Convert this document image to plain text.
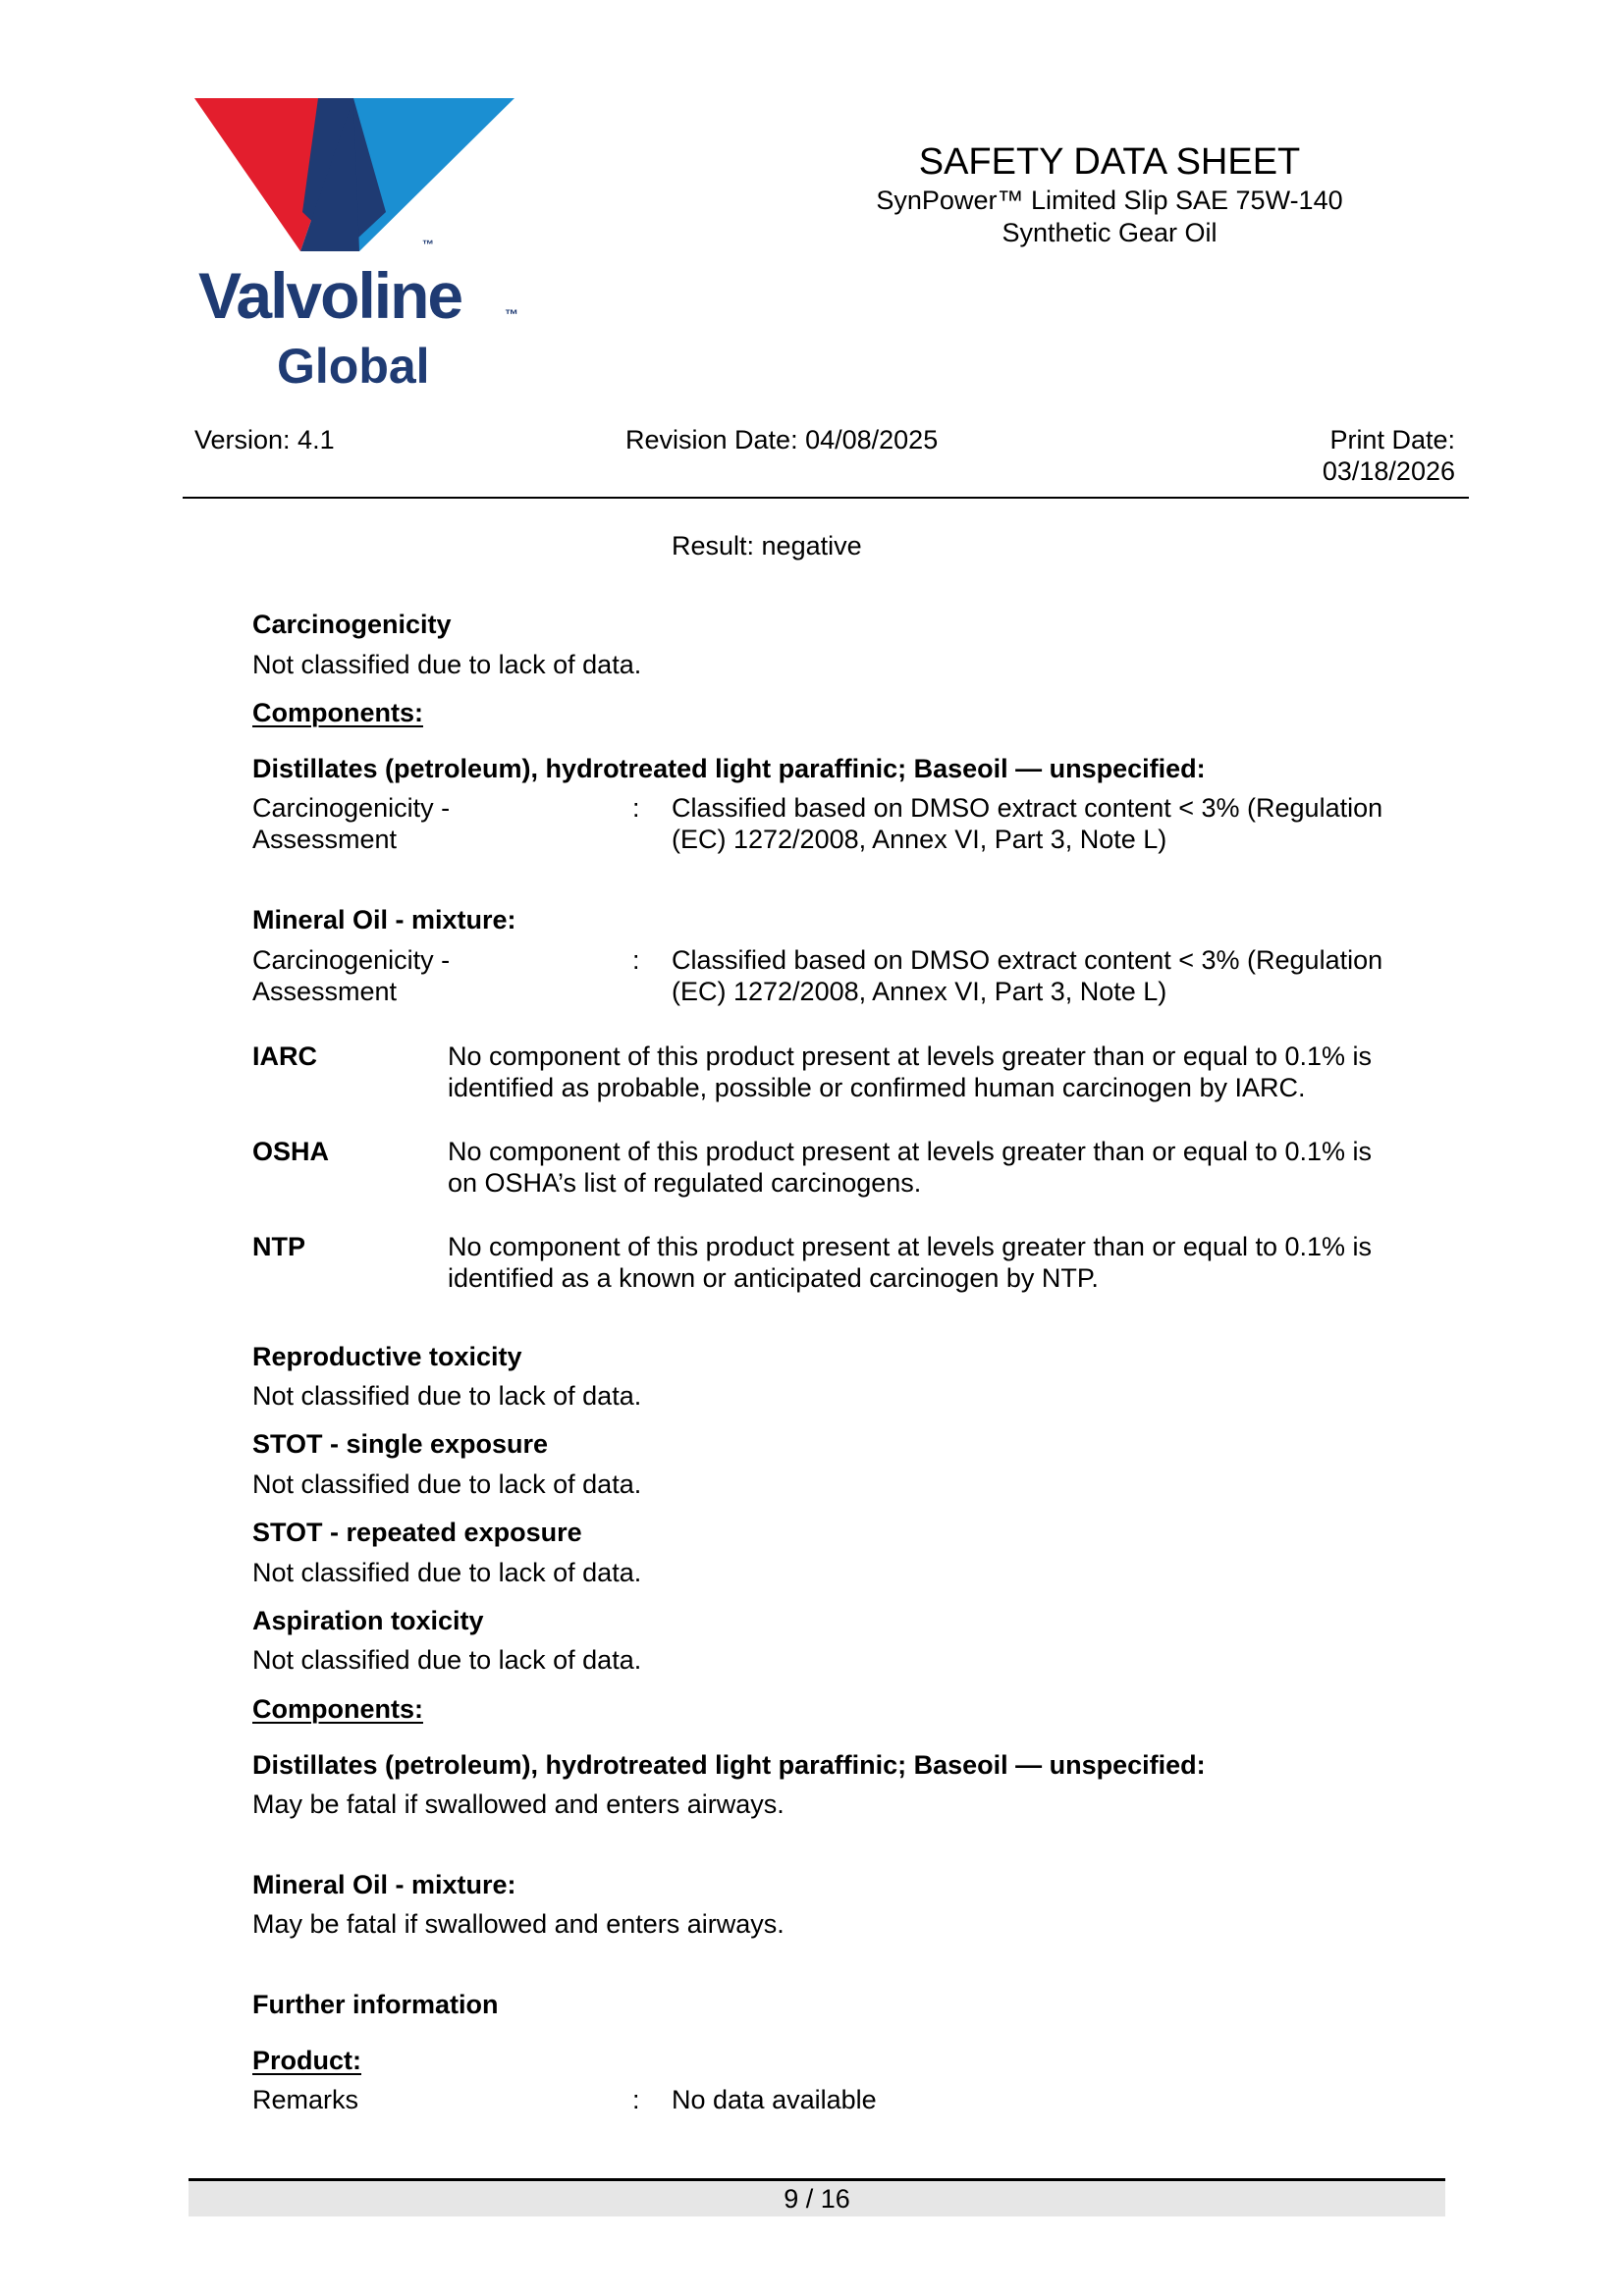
™
Valvoline	™
Global
SAFETY DATA SHEET
SynPower™ Limited Slip SAE 75W-140
Synthetic Gear Oil
Version: 4.1	Revision Date: 04/08/2025	Print Date:
03/18/2026
Result: negative
Carcinogenicity
Not classified due to lack of data.
Components:
Distillates (petroleum), hydrotreated light paraffinic; Baseoil — unspecified:
Carcinogenicity -
Assessment
: Classified based on DMSO extract content < 3% (Regulation
(EC) 1272/2008, Annex VI, Part 3, Note L)
Mineral Oil - mixture:
Carcinogenicity -
Assessment
: Classified based on DMSO extract content < 3% (Regulation
(EC) 1272/2008, Annex VI, Part 3, Note L)
IARC	No component of this product present at levels greater than or equal to 0.1% is
identified as probable, possible or confirmed human carcinogen by IARC.
OSHA	No component of this product present at levels greater than or equal to 0.1% is
on OSHA’s list of regulated carcinogens.
NTP	No component of this product present at levels greater than or equal to 0.1% is
identified as a known or anticipated carcinogen by NTP.
Reproductive toxicity
Not classified due to lack of data.
STOT - single exposure
Not classified due to lack of data.
STOT - repeated exposure
Not classified due to lack of data.
Aspiration toxicity
Not classified due to lack of data.
Components:
Distillates (petroleum), hydrotreated light paraffinic; Baseoil — unspecified:
May be fatal if swallowed and enters airways.
Mineral Oil - mixture:
May be fatal if swallowed and enters airways.
Further information
Product:
Remarks	: No data available
9 / 16
